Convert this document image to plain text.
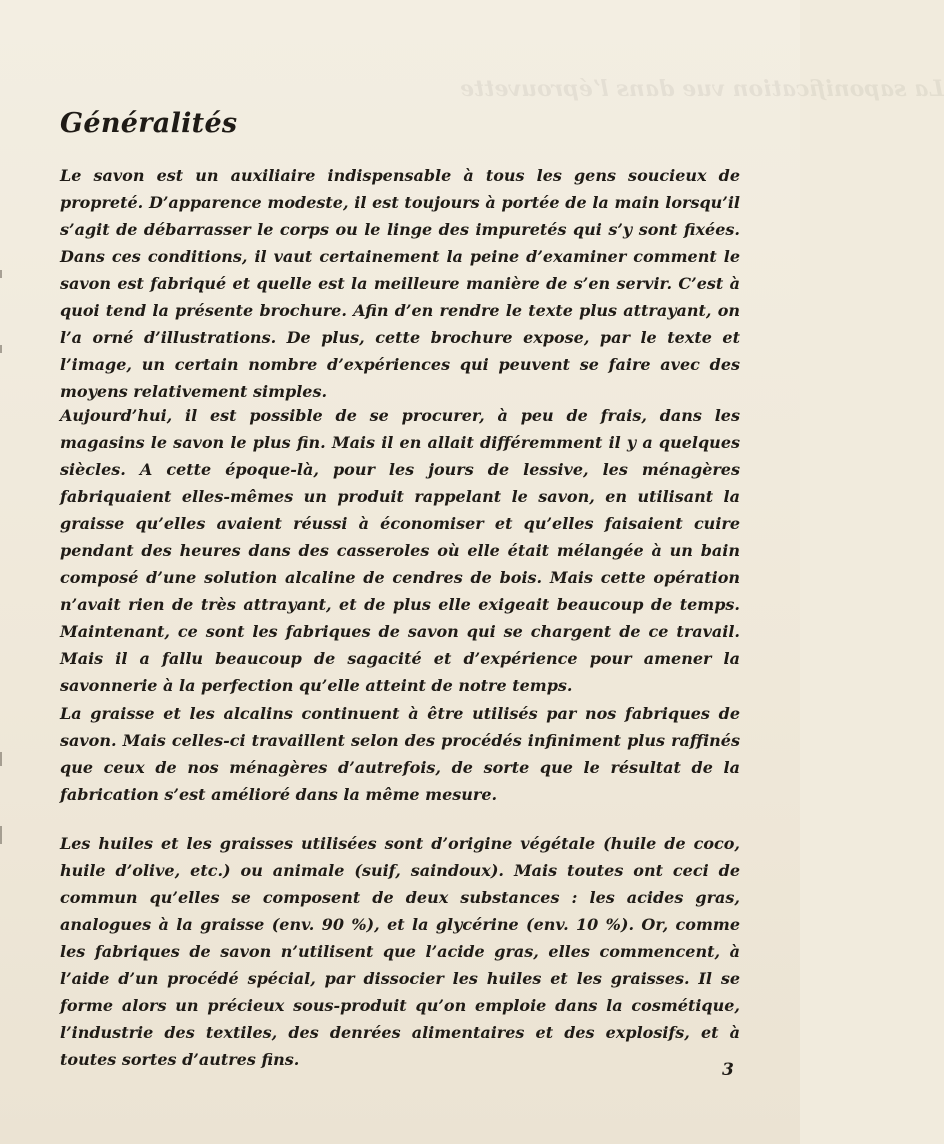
La saponification vue dans l’éprouvette
Généralités

Le savon est un auxiliaire indispensable à tous les gens soucieux de propreté. D’apparence modeste, il est toujours à portée de la main lorsqu’il s’agit de débarrasser le corps ou le linge des impuretés qui s’y sont fixées. Dans ces conditions, il vaut certainement la peine d’examiner comment le savon est fabriqué et quelle est la meilleure manière de s’en servir. C’est à quoi tend la présente brochure. Afin d’en rendre le texte plus attrayant, on l’a orné d’illustrations. De plus, cette brochure expose, par le texte et l’image, un certain nombre d’expériences qui peuvent se faire avec des moyens relativement simples.

Aujourd’hui, il est possible de se procurer, à peu de frais, dans les magasins le savon le plus fin. Mais il en allait différemment il y a quelques siècles. A cette époque-là, pour les jours de lessive, les ménagères fabriquaient elles-mêmes un produit rappelant le savon, en utilisant la graisse qu’elles avaient réussi à économiser et qu’elles faisaient cuire pendant des heures dans des casseroles où elle était mélangée à un bain composé d’une solution alcaline de cendres de bois. Mais cette opération n’avait rien de très attrayant, et de plus elle exigeait beaucoup de temps. Maintenant, ce sont les fabriques de savon qui se chargent de ce travail. Mais il a fallu beaucoup de sagacité et d’expérience pour amener la savonnerie à la perfection qu’elle atteint de notre temps.

La graisse et les alcalins continuent à être utilisés par nos fabriques de savon. Mais celles-ci travaillent selon des procédés infiniment plus raffinés que ceux de nos ménagères d’autrefois, de sorte que le résultat de la fabrication s’est amélioré dans la même mesure.

Les huiles et les graisses utilisées sont d’origine végétale (huile de coco, huile d’olive, etc.) ou animale (suif, saindoux). Mais toutes ont ceci de commun qu’elles se composent de deux substances : les acides gras, analogues à la graisse (env. 90 %), et la glycérine (env. 10 %). Or, comme les fabriques de savon n’utilisent que l’acide gras, elles commencent, à l’aide d’un procédé spécial, par dissocier les huiles et les graisses. Il se forme alors un précieux sous-produit qu’on emploie dans la cosmétique, l’industrie des textiles, des denrées alimentaires et des explosifs, et à toutes sortes d’autres fins.

3
